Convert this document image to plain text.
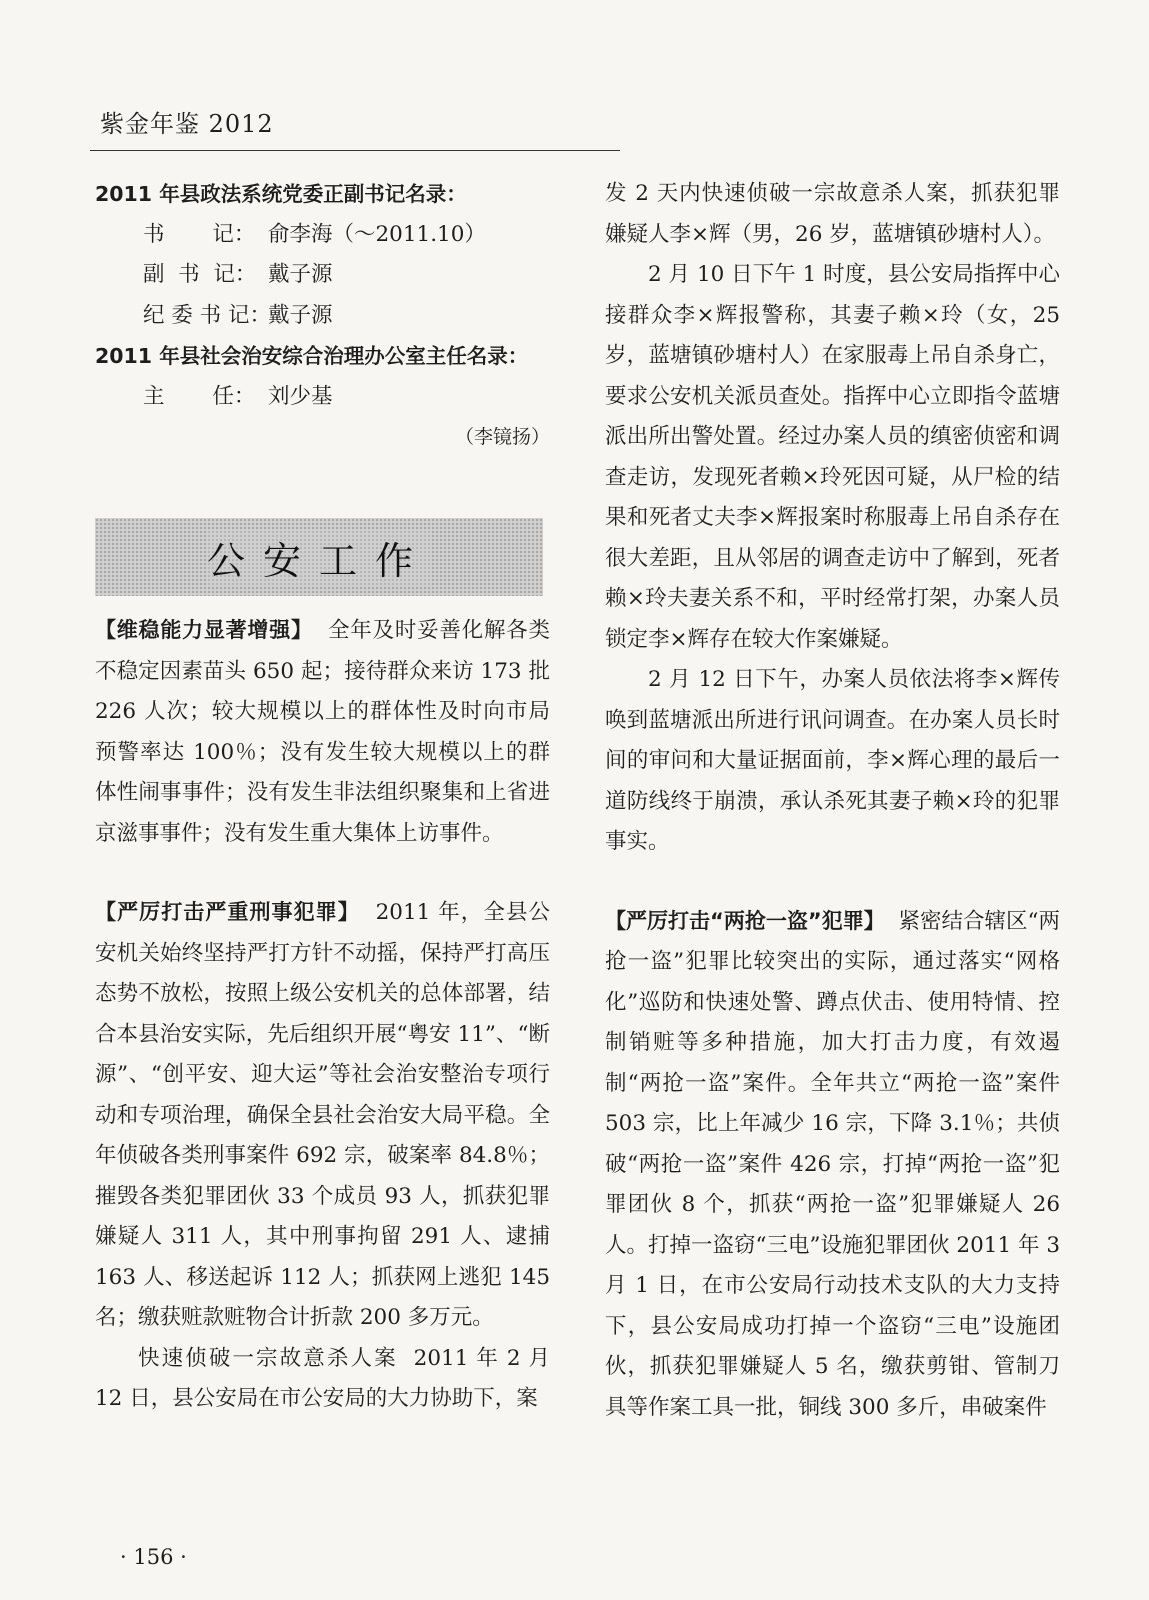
紫金年鉴 2012

2011 年县政法系统党委正副书记名录：

书       记： 俞李海（～2011.10）
副  书  记： 戴子源
纪 委 书 记：
戴子源

2011 年县社会治安综合治理办公室主任名录：

主       任： 刘少基

（李镜扬）

公安工作

【维稳能力显著增强】 全年及时妥善化解各类不稳定因素苗头 650 起；接待群众来访 173 批 226 人次；较大规模以上的群体性及时向市局预警率达 100％；没有发生较大规模以上的群体性闹事事件；没有发生非法组织聚集和上省进京滋事事件；没有发生重大集体上访事件。

【严厉打击严重刑事犯罪】 2011 年，全县公安机关始终坚持严打方针不动摇，保持严打高压态势不放松，按照上级公安机关的总体部署，结合本县治安实际，先后组织开展“粤安 11”、“断源”、“创平安、迎大运”等社会治安整治专项行动和专项治理，确保全县社会治安大局平稳。全年侦破各类刑事案件 692 宗，破案率 84.8％；摧毁各类犯罪团伙 33 个成员 93 人，抓获犯罪嫌疑人 311 人，其中刑事拘留 291 人、逮捕 163 人、移送起诉 112 人；抓获网上逃犯 145 名；缴获赃款赃物合计折款 200 多万元。

快速侦破一宗故意杀人案 2011 年 2 月 12 日，县公安局在市公安局的大力协助下，案

发 2 天内快速侦破一宗故意杀人案，抓获犯罪嫌疑人李×辉（男，26 岁，蓝塘镇砂塘村人）。

2 月 10 日下午 1 时度，县公安局指挥中心接群众李×辉报警称，其妻子赖×玲（女，25 岁，蓝塘镇砂塘村人）在家服毒上吊自杀身亡，要求公安机关派员查处。指挥中心立即指令蓝塘派出所出警处置。经过办案人员的缜密侦密和调查走访，发现死者赖×玲死因可疑，从尸检的结果和死者丈夫李×辉报案时称服毒上吊自杀存在很大差距，且从邻居的调查走访中了解到，死者赖×玲夫妻关系不和，平时经常打架，办案人员锁定李×辉存在较大作案嫌疑。

2 月 12 日下午，办案人员依法将李×辉传唤到蓝塘派出所进行讯问调查。在办案人员长时间的审问和大量证据面前，李×辉心理的最后一道防线终于崩溃，承认杀死其妻子赖×玲的犯罪事实。

【严厉打击“两抢一盗”犯罪】 紧密结合辖区“两抢一盗”犯罪比较突出的实际，通过落实“网格化”巡防和快速处警、蹲点伏击、使用特情、控制销赃等多种措施，加大打击力度，有效遏制“两抢一盗”案件。全年共立“两抢一盗”案件 503 宗，比上年减少 16 宗，下降 3.1％；共侦破“两抢一盗”案件 426 宗，打掉“两抢一盗”犯罪团伙 8 个，抓获“两抢一盗”犯罪嫌疑人 26 人。打掉一盗窃“三电”设施犯罪团伙 2011 年 3 月 1 日，在市公安局行动技术支队的大力支持下，县公安局成功打掉一个盗窃“三电”设施团伙，抓获犯罪嫌疑人 5 名，缴获剪钳、管制刀具等作案工具一批，铜线 300 多斤，串破案件

· 156 ·
